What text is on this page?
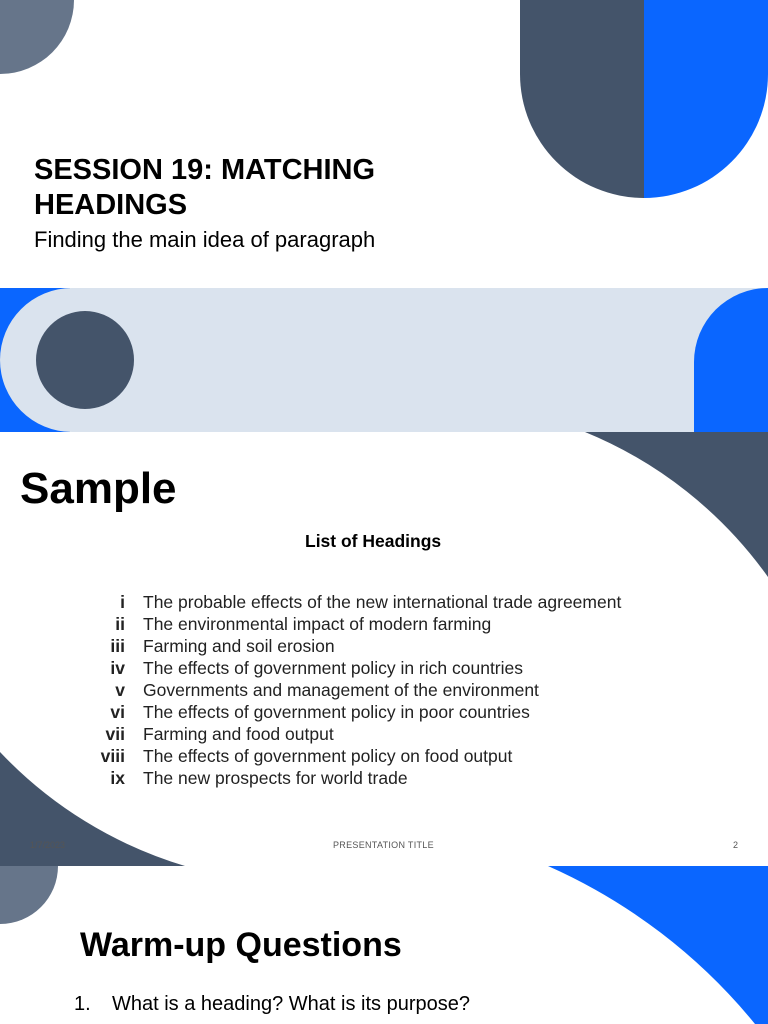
SESSION 19: MATCHING HEADINGS
Finding the main idea of paragraph
Sample
List of Headings
i The probable effects of the new international trade agreement
ii The environmental impact of modern farming
iii Farming and soil erosion
iv The effects of government policy in rich countries
v Governments and management of the environment
vi The effects of government policy in poor countries
vii Farming and food output
viii The effects of government policy on food output
ix The new prospects for world trade
1/7/2023	PRESENTATION TITLE	2
Warm-up Questions
1.	What is a heading? What is its purpose?
